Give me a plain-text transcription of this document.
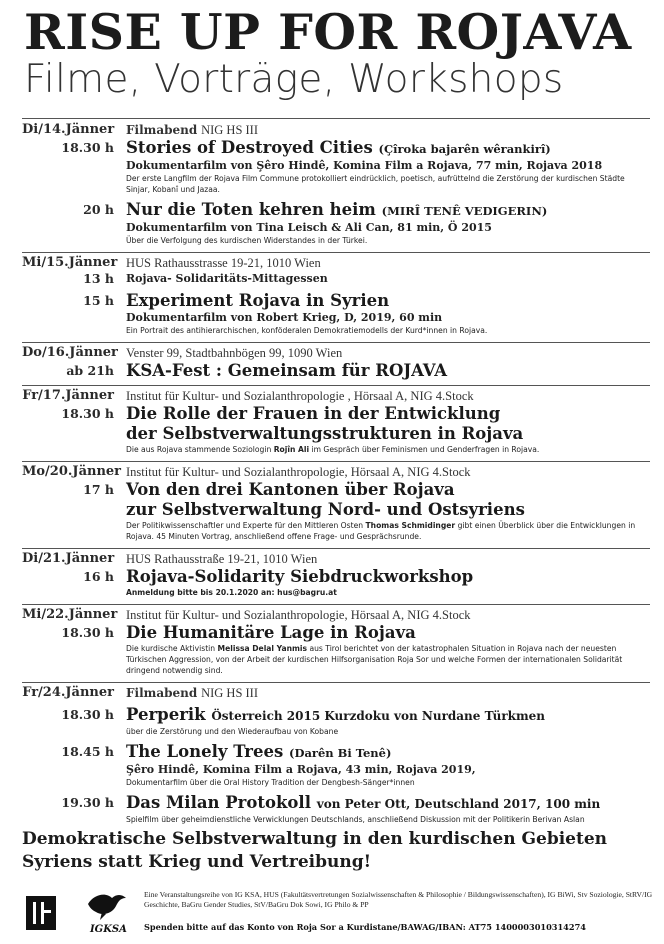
RISE UP FOR ROJAVA
Filme, Vorträge, Workshops
Di/14.Jänner Filmabend NIG HS III
18.30 h Stories of Destroyed Cities (Çîroka bajarên wêrankirî)
Dokumentarfilm von Şêro Hindê, Komina Film a Rojava, 77 min, Rojava 2018
Der erste Langfilm der Rojava Film Commune protokolliert eindrücklich, poetisch, aufrüttelnd die Zerstörung der kurdischen Städte Sinjar, Kobanî und Jazaa.
20 h Nur die Toten kehren heim (MIRÎ TENÊ VEDIGERIN)
Dokumentarfilm von Tina Leisch & Ali Can, 81 min, Ö 2015
Über die Verfolgung des kurdischen Widerstandes in der Türkei.
Mi/15.Jänner HUS Rathausstrasse 19-21, 1010 Wien
13 h	Rojava- Solidaritäts-Mittagessen
15 h Experiment Rojava in Syrien
Dokumentarfilm von Robert Krieg, D, 2019, 60 min
Ein Portrait des antihierarchischen, konföderalen Demokratiemodells der Kurd*innen in Rojava.
Do/16.Jänner Venster 99, Stadtbahnbögen 99, 1090 Wien
ab 21h KSA-Fest : Gemeinsam für ROJAVA
Fr/17.Jänner Institut für Kultur- und Sozialanthropologie , Hörsaal A, NIG 4.Stock
18.30 h Die Rolle der Frauen in der Entwicklung
der Selbstverwaltungsstrukturen in Rojava
Die aus Rojava stammende Soziologin Rojîn Ali im Gespräch über Feminismen und Genderfragen in Rojava.
Mo/20.Jänner Institut für Kultur- und Sozialanthropologie, Hörsaal A, NIG 4.Stock
17 h Von den drei Kantonen über Rojava
zur Selbstverwaltung Nord- und Ostsyriens
Der Politikwissenschaftler und Experte für den Mittleren Osten Thomas Schmidinger gibt einen Überblick über die Entwicklungen in Rojava. 45 Minuten Vortrag, anschließend offene Frage- und Gesprächsrunde.
Di/21.Jänner HUS Rathausstraße 19-21, 1010 Wien
16 h Rojava-Solidarity Siebdruckworkshop
Anmeldung bitte bis 20.1.2020 an: hus@bagru.at
Mi/22.Jänner Institut für Kultur- und Sozialanthropologie, Hörsaal A, NIG 4.Stock
18.30 h Die Humanitäre Lage in Rojava
Die kurdische Aktivistin Melissa Delal Yanmis aus Tirol berichtet von der katastrophalen Situation in Rojava nach der neuesten Türkischen Aggression, von der Arbeit der kurdischen Hilfsorganisation Roja Sor und welche Formen der internationalen Solidarität dringend notwendig sind.
Fr/24.Jänner	Filmabend NIG HS III
18.30 h Perperik Österreich 2015 Kurzdoku von Nurdane Türkmen
über die Zerstörung und den Wiederaufbau von Kobane
18.45 h The Lonely Trees (Darên Bi Tenê)
Şêro Hindê, Komina Film a Rojava, 43 min, Rojava 2019,
Dokumentarfilm über die Oral History Tradition der Dengbesh-Sänger*innen
19.30 h Das Milan Protokoll von Peter Ott, Deutschland 2017, 100 min
Spielfilm über geheimdienstliche Verwicklungen Deutschlands, anschließend Diskussion mit der Politikerin Berivan Aslan
Demokratische Selbstverwaltung in den kurdischen Gebieten Syriens statt Krieg und Vertreibung!
IGKSA
Eine Veranstaltungsreihe von IG KSA, HUS (Fakultätsvertretungen Sozialwissenschaften & Philosophie / Bildungswissenschaften), IG BiWi, Stv Soziologie, StRV/IG Geschichte, BaGru Gender Studies, StV/BaGru Dok Sowi, IG Philo & PP
Spenden bitte auf das Konto von Roja Sor a Kurdistane/BAWAG/IBAN: AT75 1400003010314274
